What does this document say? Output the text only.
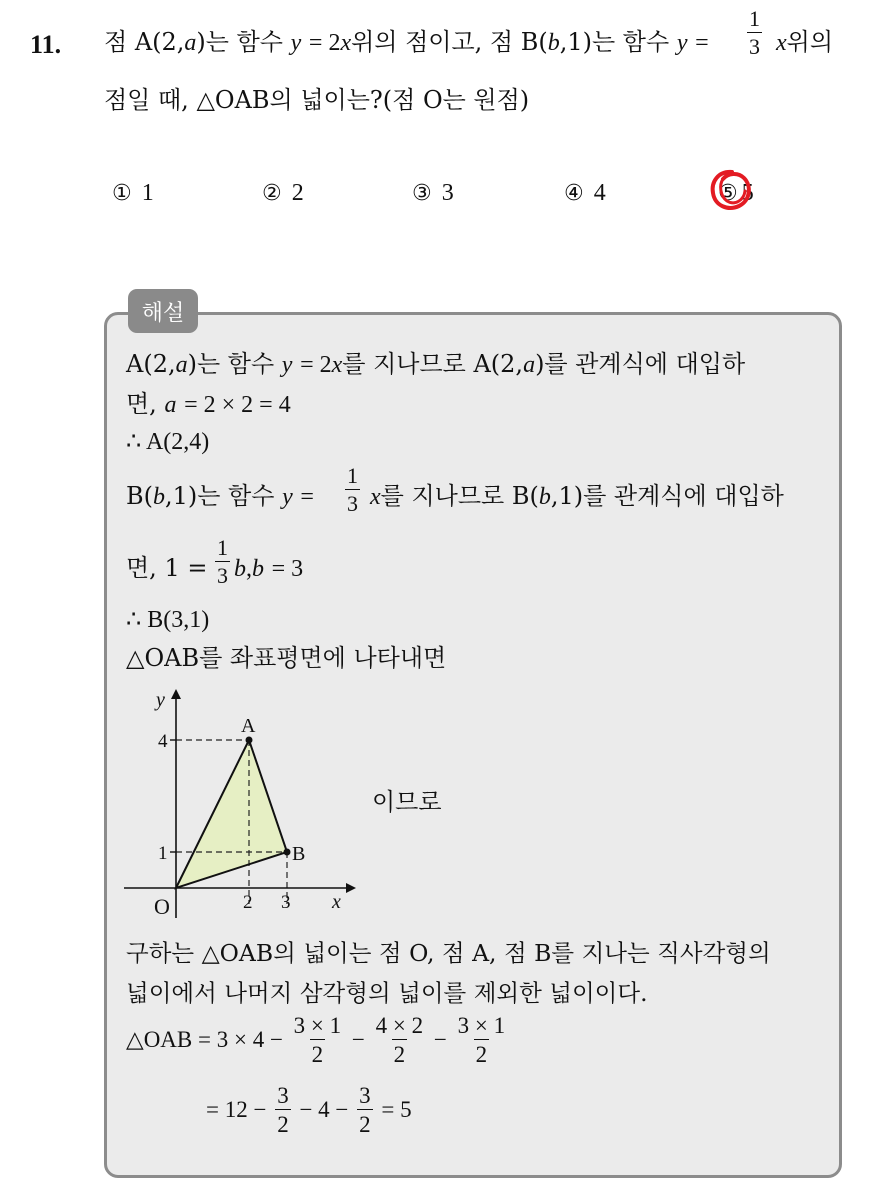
11. 점 A(2,a)는 함수 y = 2x위의 점이고, 점 B(b,1)는 함수 $y = \frac{1}{3}$ x위의
점일 때, △OAB의 넓이는?(점 O는 원점)
① 1	② 2	③ 3	④ 4	⑤ 5
해설
A(2,a)는 함수 y = 2x를 지나므로 A(2,a)를 관계식에 대입하
면, a = 2 × 2 = 4
∴ A(2,4)
B(b,1)는 함수 $y = \frac{1}{3}$ x를 지나므로 B(b,1)를 관계식에 대입하
면, $1 = \frac{1}{3} b,b = 3$
∴ B(3,1)
△OAB를 좌표평면에 나타내면
y
x
O
A
B
4
1
2 3
이므로
구하는 △OAB의 넓이는 점 O, 점 A, 점 B를 지나는 직사각형의
넓이에서 나머지 삼각형의 넓이를 제외한 넓이이다.
△OAB = $3 \times 4 - \frac{3 \times 1}{2} - \frac{4 \times 2}{2} - \frac{3 \times 1}{2}$
= $12 - \frac{3}{2} - 4 - \frac{3}{2} = 5$
